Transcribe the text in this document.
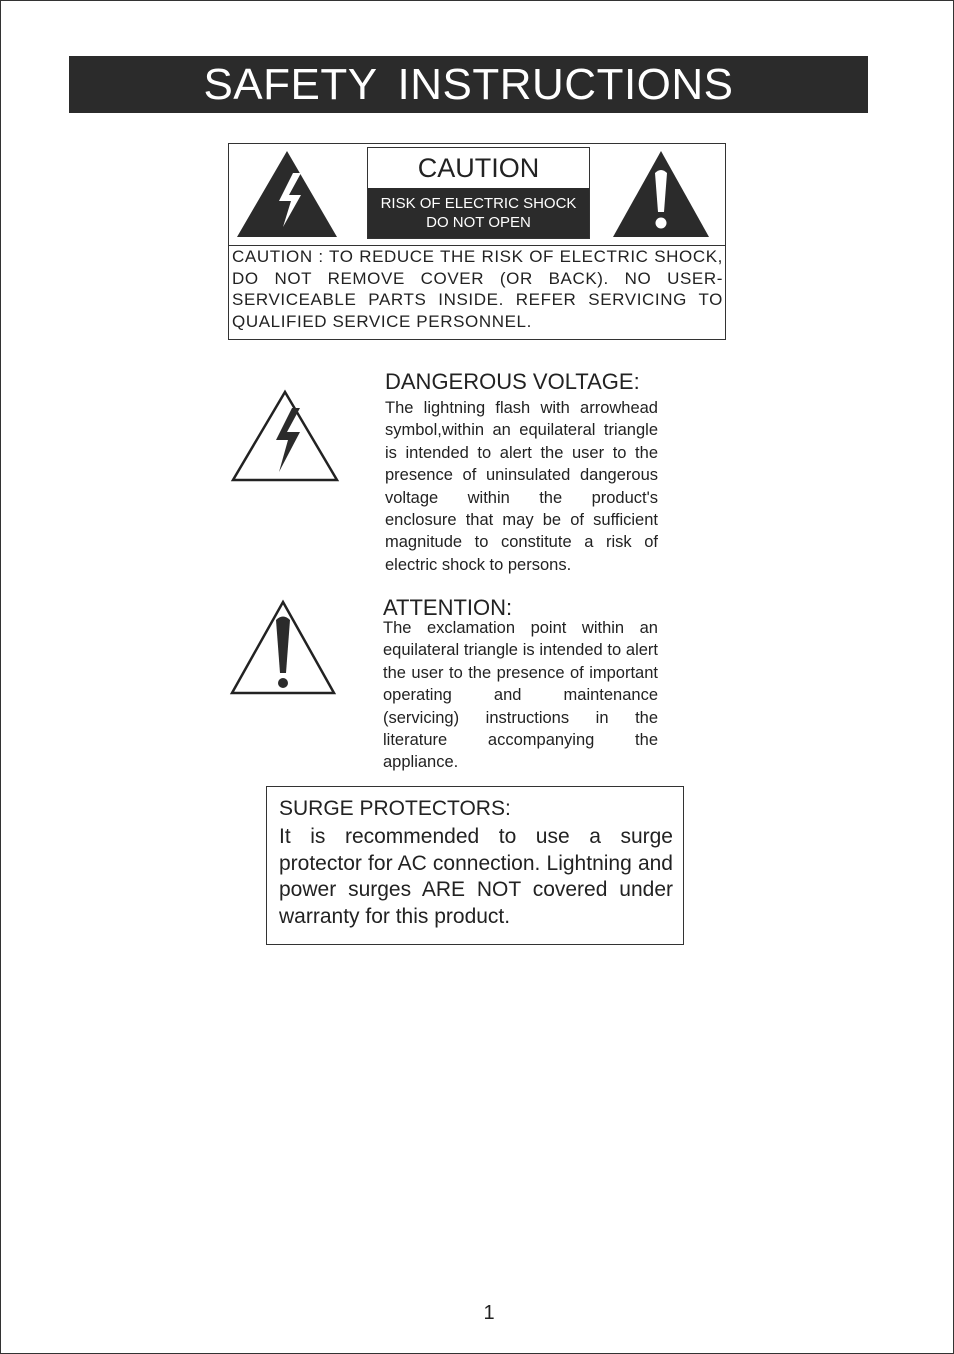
SAFETY INSTRUCTIONS
CAUTION
RISK OF ELECTRIC SHOCK
DO NOT OPEN
CAUTION : TO REDUCE THE RISK OF ELECTRIC SHOCK, DO NOT REMOVE COVER (OR BACK). NO USER-SERVICEABLE PARTS INSIDE. REFER SERVICING TO QUALIFIED SERVICE PERSONNEL.
DANGEROUS VOLTAGE:
The lightning flash with arrowhead symbol,within an equilateral triangle is intended to alert the user to the presence of uninsulated dangerous voltage within the product's enclosure that may be of sufficient magnitude to constitute a risk of electric shock to persons.
ATTENTION:
The exclamation point within an equilateral triangle is intended to alert the user to the presence of important operating and maintenance (servicing) instructions in the literature accompanying the appliance.
SURGE PROTECTORS:
It is recommended to use a surge protector for AC connection. Lightning and power surges ARE NOT covered under warranty for this product.
1
